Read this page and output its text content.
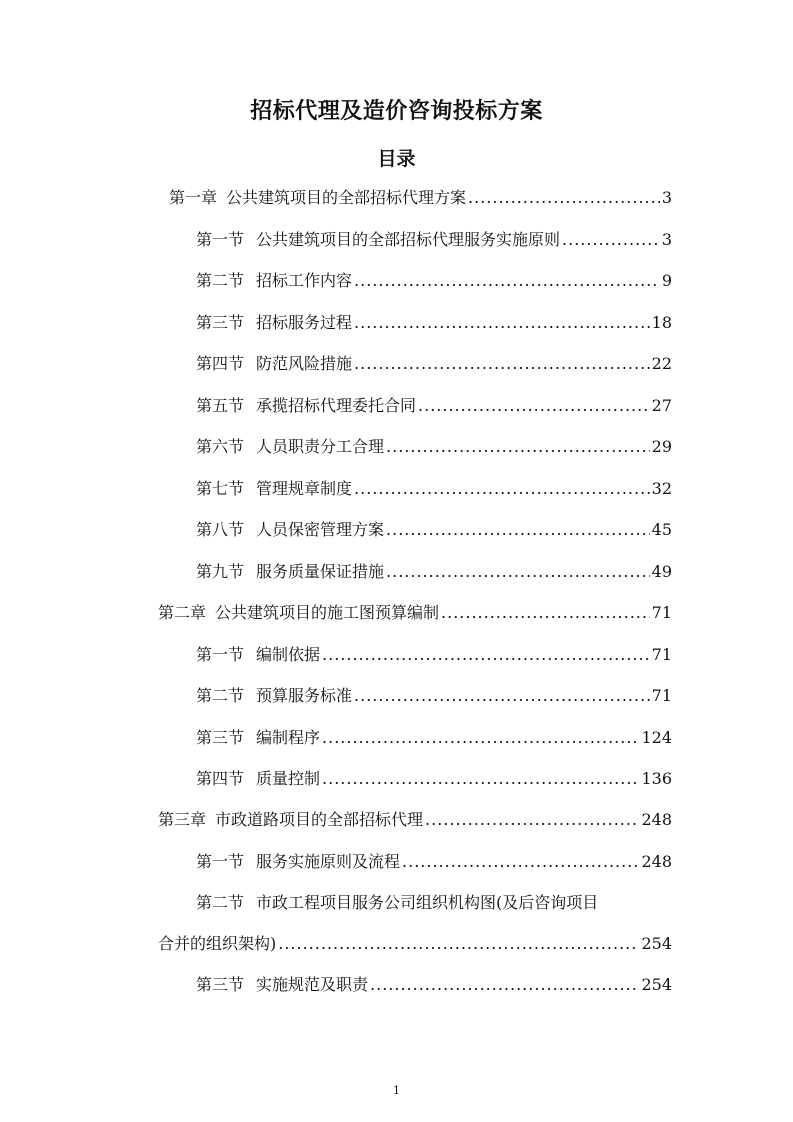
招标代理及造价咨询投标方案
目录
第一章 公共建筑项目的全部招标代理方案 .....	3
第一节 公共建筑项目的全部招标代理服务实施原则 .....	3
第二节 招标工作内容 .....	9
第三节 招标服务过程 .....	18
第四节 防范风险措施 .....	22
第五节 承揽招标代理委托合同 .....	27
第六节 人员职责分工合理 .....	29
第七节 管理规章制度 .....	32
第八节 人员保密管理方案 .....	45
第九节 服务质量保证措施 .....	49
第二章 公共建筑项目的施工图预算编制 .....	71
第一节 编制依据 .....	71
第二节 预算服务标准 .....	71
第三节 编制程序 .....	124
第四节 质量控制 .....	136
第三章 市政道路项目的全部招标代理 .....	248
第一节 服务实施原则及流程 .....	248
第二节 市政工程项目服务公司组织机构图(及后咨询项目
合并的组织架构) .....	254
第三节 实施规范及职责 .....	254
1
